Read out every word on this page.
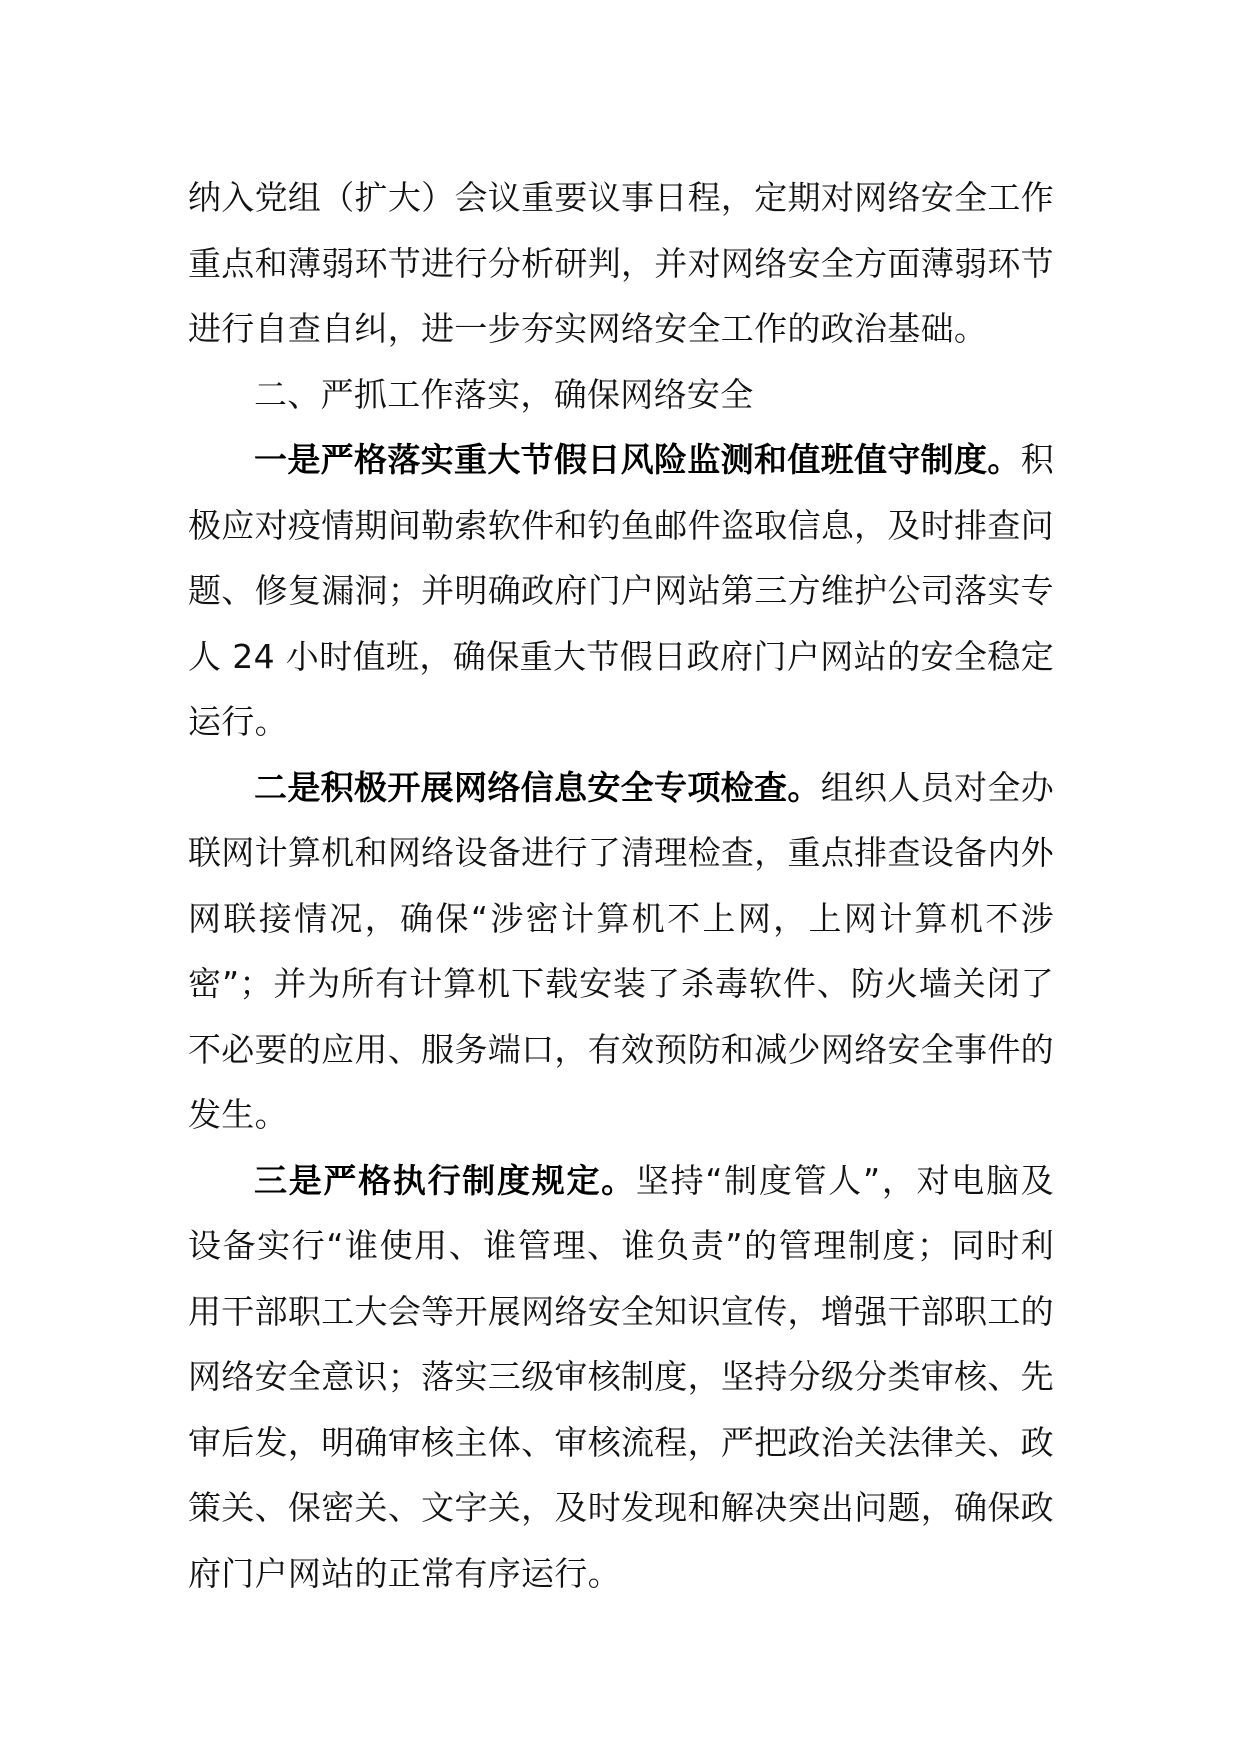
纳入党组（扩大）会议重要议事日程，定期对网络安全工作重点和薄弱环节进行分析研判，并对网络安全方面薄弱环节进行自查自纠，进一步夯实网络安全工作的政治基础。

二、严抓工作落实，确保网络安全

一是严格落实重大节假日风险监测和值班值守制度。积极应对疫情期间勒索软件和钓鱼邮件盗取信息，及时排查问题、修复漏洞；并明确政府门户网站第三方维护公司落实专人 24 小时值班，确保重大节假日政府门户网站的安全稳定运行。

二是积极开展网络信息安全专项检查。组织人员对全办联网计算机和网络设备进行了清理检查，重点排查设备内外网联接情况，确保“涉密计算机不上网，上网计算机不涉密”；并为所有计算机下载安装了杀毒软件、防火墙关闭了不必要的应用、服务端口，有效预防和减少网络安全事件的发生。

三是严格执行制度规定。坚持“制度管人”，对电脑及设备实行“谁使用、谁管理、谁负责”的管理制度；同时利用干部职工大会等开展网络安全知识宣传，增强干部职工的网络安全意识；落实三级审核制度，坚持分级分类审核、先审后发，明确审核主体、审核流程，严把政治关法律关、政策关、保密关、文字关，及时发现和解决突出问题，确保政府门户网站的正常有序运行。
